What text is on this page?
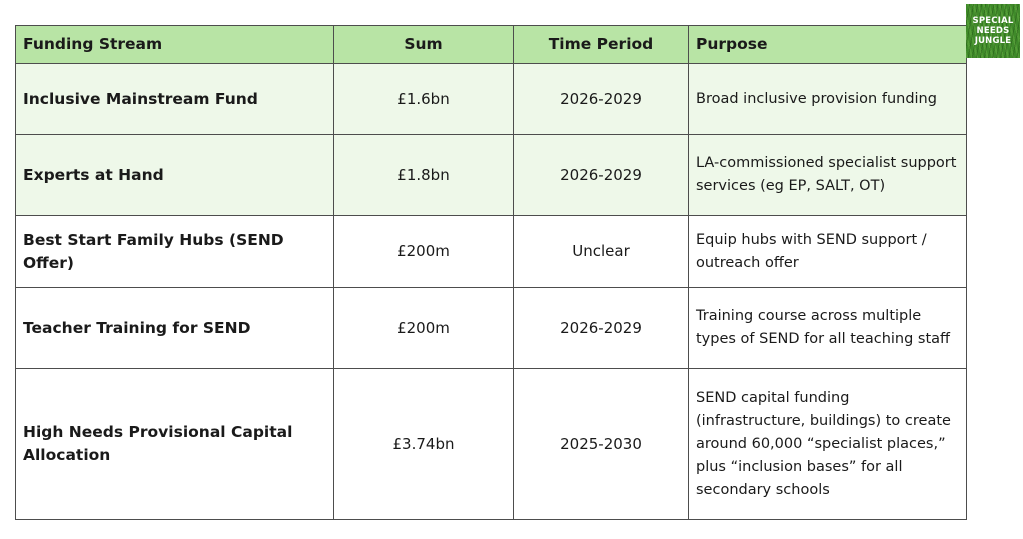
Funding Stream	Sum	Time Period	Purpose
Inclusive Mainstream Fund	£1.6bn	2026-2029	Broad inclusive provision funding
Experts at Hand	£1.8bn	2026-2029	LA-commissioned specialist support services (eg EP, SALT, OT)
Best Start Family Hubs (SEND Offer)	£200m	Unclear	Equip hubs with SEND support / outreach offer
Teacher Training for SEND	£200m	2026-2029	Training course across multiple types of SEND for all teaching staff
High Needs Provisional Capital Allocation	£3.74bn	2025-2030	SEND capital funding (infrastructure, buildings) to create around 60,000 “specialist places,” plus “inclusion bases” for all secondary schools
SPECIAL
NEEDS
JUNGLE
